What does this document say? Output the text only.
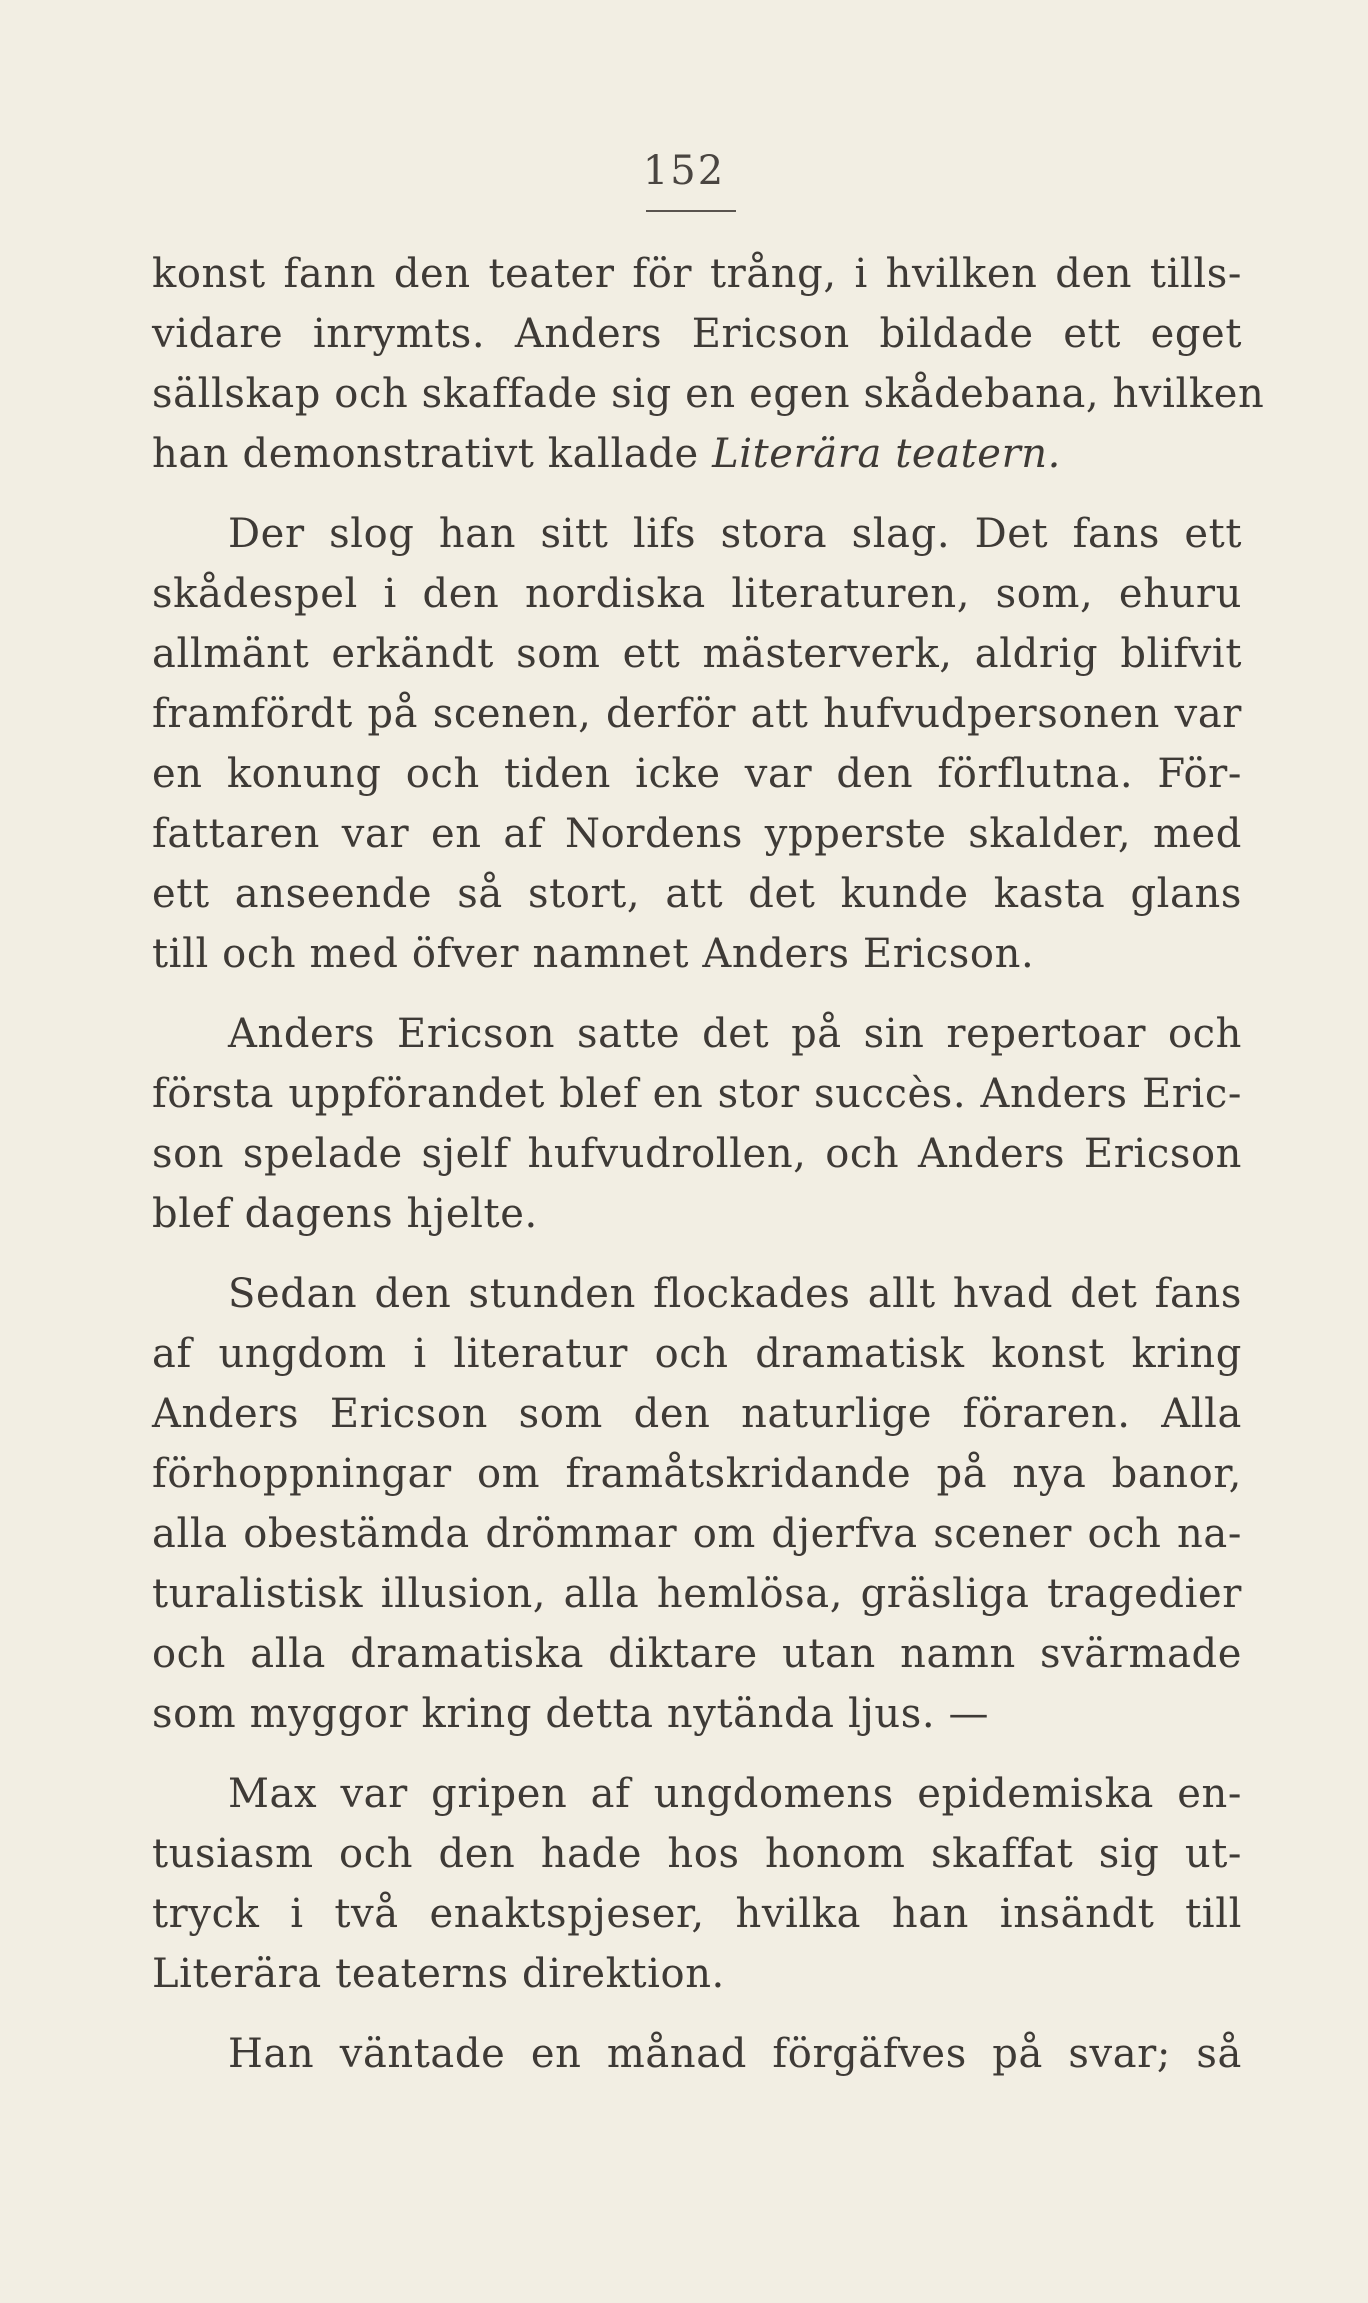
152

konst fann den teater för trång, i hvilken den tills-
vidare inrymts. Anders Ericson bildade ett eget
sällskap och skaffade sig en egen skådebana, hvilken
han demonstrativt kallade Literära teatern.

Der slog han sitt lifs stora slag. Det fans ett
skådespel i den nordiska literaturen, som, ehuru
allmänt erkändt som ett mästerverk, aldrig blifvit
framfördt på scenen, derför att hufvudpersonen var
en konung och tiden icke var den förflutna. För-
fattaren var en af Nordens ypperste skalder, med
ett anseende så stort, att det kunde kasta glans
till och med öfver namnet Anders Ericson.

Anders Ericson satte det på sin repertoar och
första uppförandet blef en stor succès. Anders Eric-
son spelade sjelf hufvudrollen, och Anders Ericson
blef dagens hjelte.

Sedan den stunden flockades allt hvad det fans
af ungdom i literatur och dramatisk konst kring
Anders Ericson som den naturlige föraren. Alla
förhoppningar om framåtskridande på nya banor,
alla obestämda drömmar om djerfva scener och na-
turalistisk illusion, alla hemlösa, gräsliga tragedier
och alla dramatiska diktare utan namn svärmade
som myggor kring detta nytända ljus. —

Max var gripen af ungdomens epidemiska en-
tusiasm och den hade hos honom skaffat sig ut-
tryck i två enaktspjeser, hvilka han insändt till
Literära teaterns direktion.

Han väntade en månad förgäfves på svar; så
